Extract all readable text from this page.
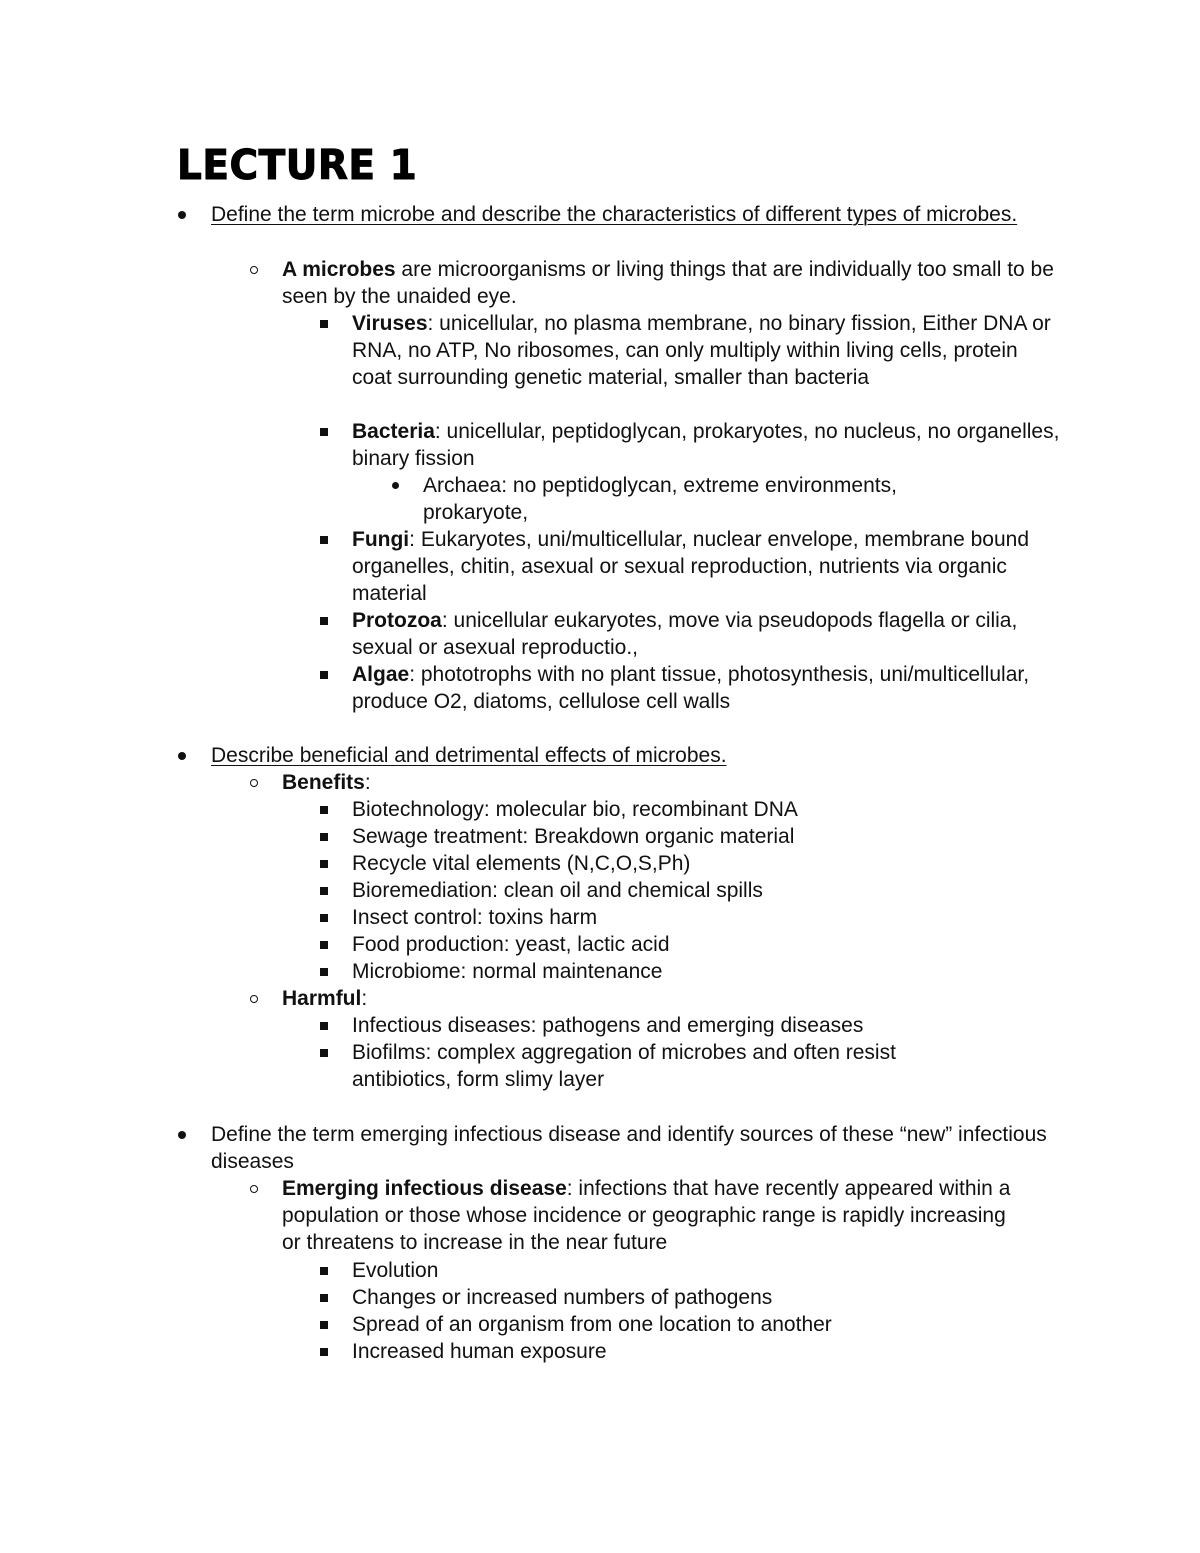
LECTURE 1
Define the term microbe and describe the characteristics of different types of microbes.
A microbes are microorganisms or living things that are individually too small to be seen by the unaided eye.
Viruses: unicellular, no plasma membrane, no binary fission, Either DNA or RNA, no ATP, No ribosomes, can only multiply within living cells, protein coat surrounding genetic material, smaller than bacteria
Bacteria: unicellular, peptidoglycan, prokaryotes, no nucleus, no organelles, binary fission
Archaea: no peptidoglycan, extreme environments, prokaryote,
Fungi: Eukaryotes, uni/multicellular, nuclear envelope, membrane bound organelles, chitin, asexual or sexual reproduction, nutrients via organic material
Protozoa: unicellular eukaryotes, move via pseudopods flagella or cilia, sexual or asexual reproductio.,
Algae: phototrophs with no plant tissue, photosynthesis, uni/multicellular, produce O2, diatoms, cellulose cell walls
Describe beneficial and detrimental effects of microbes.
Benefits:
Biotechnology: molecular bio, recombinant DNA
Sewage treatment: Breakdown organic material
Recycle vital elements (N,C,O,S,Ph)
Bioremediation: clean oil and chemical spills
Insect control: toxins harm
Food production: yeast, lactic acid
Microbiome: normal maintenance
Harmful:
Infectious diseases: pathogens and emerging diseases
Biofilms: complex aggregation of microbes and often resist antibiotics, form slimy layer
Define the term emerging infectious disease and identify sources of these “new” infectious diseases
Emerging infectious disease: infections that have recently appeared within a population or those whose incidence or geographic range is rapidly increasing or threatens to increase in the near future
Evolution
Changes or increased numbers of pathogens
Spread of an organism from one location to another
Increased human exposure
